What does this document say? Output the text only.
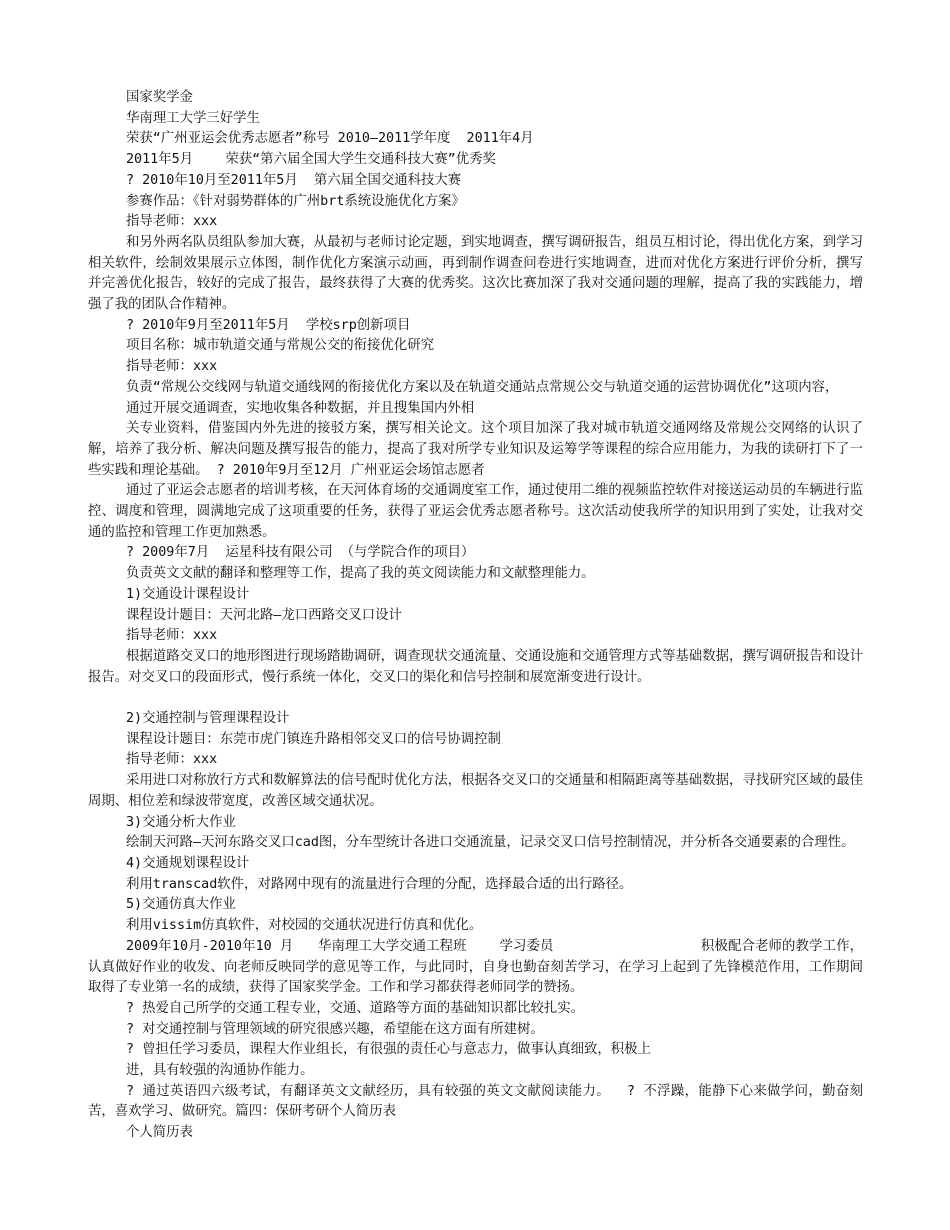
国家奖学金

华南理工大学三好学生

荣获“广州亚运会优秀志愿者”称号 2010—2011学年度  2011年4月

2011年5月    荣获“第六届全国大学生交通科技大赛”优秀奖

? 2010年10月至2011年5月  第六届全国交通科技大赛

参赛作品：《针对弱势群体的广州brt系统设施优化方案》

指导老师：xxx

和另外两名队员组队参加大赛，从最初与老师讨论定题，到实地调查，撰写调研报告，组员互相讨论，得出优化方案，到学习相关软件，绘制效果展示立体图，制作优化方案演示动画，再到制作调查问卷进行实地调查，进而对优化方案进行评价分析，撰写并完善优化报告，较好的完成了报告，最终获得了大赛的优秀奖。这次比赛加深了我对交通问题的理解，提高了我的实践能力，增强了我的团队合作精神。

? 2010年9月至2011年5月  学校srp创新项目

项目名称：城市轨道交通与常规公交的衔接优化研究

指导老师：xxx

负责“常规公交线网与轨道交通线网的衔接优化方案以及在轨道交通站点常规公交与轨道交通的运营协调优化”这项内容，

通过开展交通调查，实地收集各种数据，并且搜集国内外相

关专业资料，借鉴国内外先进的接驳方案，撰写相关论文。这个项目加深了我对城市轨道交通网络及常规公交网络的认识了解，培养了我分析、解决问题及撰写报告的能力，提高了我对所学专业知识及运筹学等课程的综合应用能力，为我的读研打下了一些实践和理论基础。 ? 2010年9月至12月 广州亚运会场馆志愿者

通过了亚运会志愿者的培训考核，在天河体育场的交通调度室工作，通过使用二维的视频监控软件对接送运动员的车辆进行监控、调度和管理，圆满地完成了这项重要的任务，获得了亚运会优秀志愿者称号。这次活动使我所学的知识用到了实处，让我对交通的监控和管理工作更加熟悉。

? 2009年7月  运星科技有限公司 （与学院合作的项目）

负责英文文献的翻译和整理等工作，提高了我的英文阅读能力和文献整理能力。

1)交通设计课程设计

课程设计题目：天河北路—龙口西路交叉口设计

指导老师：xxx

根据道路交叉口的地形图进行现场踏勘调研，调查现状交通流量、交通设施和交通管理方式等基础数据，撰写调研报告和设计报告。对交叉口的段面形式，慢行系统一体化，交叉口的渠化和信号控制和展宽渐变进行设计。

2)交通控制与管理课程设计

课程设计题目：东莞市虎门镇连升路相邻交叉口的信号协调控制

指导老师：xxx

采用进口对称放行方式和数解算法的信号配时优化方法，根据各交叉口的交通量和相隔距离等基础数据，寻找研究区域的最佳周期、相位差和绿波带宽度，改善区域交通状况。

3)交通分析大作业

绘制天河路—天河东路交叉口cad图，分车型统计各进口交通流量，记录交叉口信号控制情况，并分析各交通要素的合理性。

4)交通规划课程设计

利用transcad软件，对路网中现有的流量进行合理的分配，选择最合适的出行路径。

5)交通仿真大作业

利用vissim仿真软件，对校园的交通状况进行仿真和优化。

2009年10月-2010年10 月   华南理工大学交通工程班    学习委员                  积极配合老师的教学工作，认真做好作业的收发、向老师反映同学的意见等工作，与此同时，自身也勤奋刻苦学习，在学习上起到了先锋模范作用，工作期间取得了专业第一名的成绩，获得了国家奖学金。工作和学习都获得老师同学的赞扬。

? 热爱自己所学的交通工程专业，交通、道路等方面的基础知识都比较扎实。

? 对交通控制与管理领域的研究很感兴趣，希望能在这方面有所建树。

? 曾担任学习委员，课程大作业组长，有很强的责任心与意志力，做事认真细致，积极上

进，具有较强的沟通协作能力。

? 通过英语四六级考试，有翻译英文文献经历，具有较强的英文文献阅读能力。  ? 不浮躁，能静下心来做学问，勤奋刻苦，喜欢学习、做研究。篇四：保研考研个人简历表

个人简历表
